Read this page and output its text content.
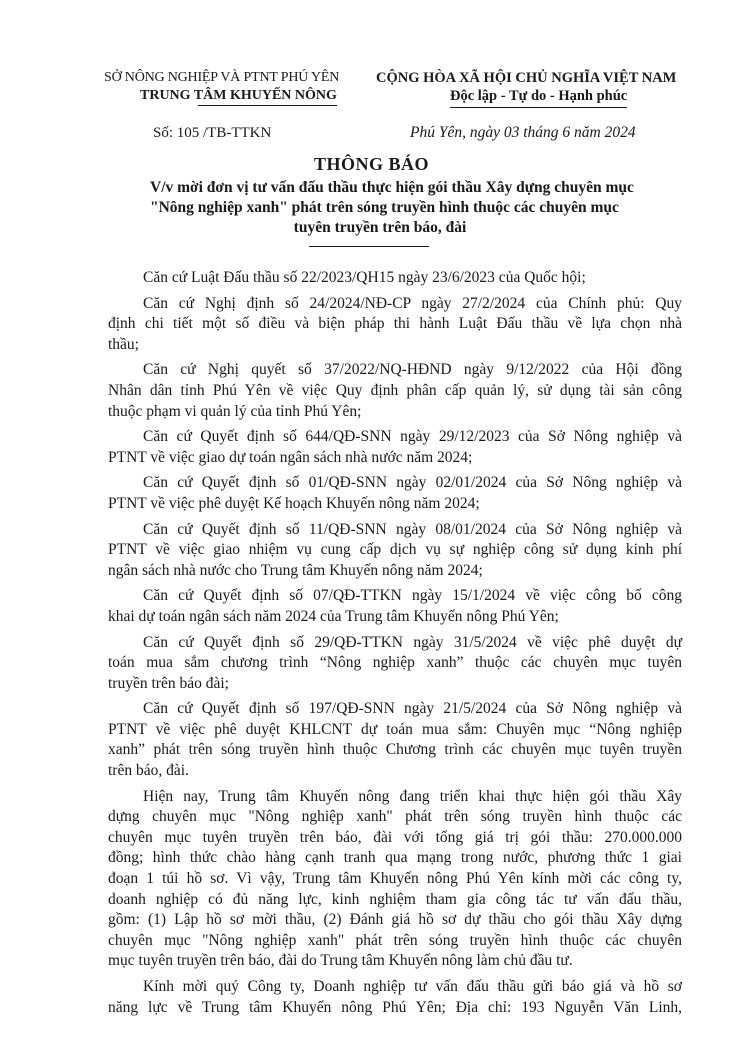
SỞ NÔNG NGHIỆP VÀ PTNT PHÚ YÊN
TRUNG TÂM KHUYẾN NÔNG
CỘNG HÒA XÃ HỘI CHỦ NGHĨA VIỆT NAM
Độc lập - Tự do - Hạnh phúc
Số: 105 /TB-TTKN	Phú Yên, ngày 03 tháng 6 năm 2024
THÔNG BÁO
V/v mời đơn vị tư vấn đấu thầu thực hiện gói thầu Xây dựng chuyên mục
"Nông nghiệp xanh" phát trên sóng truyền hình thuộc các chuyên mục
tuyên truyền trên báo, đài
Căn cứ Luật Đấu thầu số 22/2023/QH15 ngày 23/6/2023 của Quốc hội;
Căn cứ Nghị định số 24/2024/NĐ-CP ngày 27/2/2024 của Chính phủ: Quy
định chi tiết một số điều và biện pháp thi hành Luật Đấu thầu về lựa chọn nhà
thầu;
Căn cứ Nghị quyết số 37/2022/NQ-HĐND ngày 9/12/2022 của Hội đồng
Nhân dân tỉnh Phú Yên về việc Quy định phân cấp quản lý, sử dụng tài sản công
thuộc phạm vi quản lý của tỉnh Phú Yên;
Căn cứ Quyết định số 644/QĐ-SNN ngày 29/12/2023 của Sở Nông nghiệp và
PTNT về việc giao dự toán ngân sách nhà nước năm 2024;
Căn cứ Quyết định số 01/QĐ-SNN ngày 02/01/2024 của Sở Nông nghiệp và
PTNT về việc phê duyệt Kế hoạch Khuyến nông năm 2024;
Căn cứ Quyết định số 11/QĐ-SNN ngày 08/01/2024 của Sở Nông nghiệp và
PTNT về việc giao nhiệm vụ cung cấp dịch vụ sự nghiệp công sử dụng kinh phí
ngân sách nhà nước cho Trung tâm Khuyến nông năm 2024;
Căn cứ Quyết định số 07/QĐ-TTKN ngày 15/1/2024 về việc công bố công
khai dự toán ngân sách năm 2024 của Trung tâm Khuyến nông Phú Yên;
Căn cứ Quyết định số 29/QĐ-TTKN ngày 31/5/2024 về việc phê duyệt dự
toán mua sắm chương trình “Nông nghiệp xanh” thuộc các chuyên mục tuyên
truyền trên báo đài;
Căn cứ Quyết định số 197/QĐ-SNN ngày 21/5/2024 của Sở Nông nghiệp và
PTNT về việc phê duyệt KHLCNT dự toán mua sắm: Chuyên mục “Nông nghiệp
xanh” phát trên sóng truyền hình thuộc Chương trình các chuyên mục tuyên truyền
trên báo, đài.
Hiện nay, Trung tâm Khuyến nông đang triển khai thực hiện gói thầu Xây
dựng chuyên mục "Nông nghiệp xanh" phát trên sóng truyền hình thuộc các
chuyên mục tuyên truyền trên báo, đài với tổng giá trị gói thầu: 270.000.000
đồng; hình thức chào hàng cạnh tranh qua mạng trong nước, phương thức 1 giai
đoạn 1 túi hồ sơ. Vì vậy, Trung tâm Khuyến nông Phú Yên kính mời các công ty,
doanh nghiệp có đủ năng lực, kinh nghiệm tham gia công tác tư vấn đấu thầu,
gồm: (1) Lập hồ sơ mời thầu, (2) Đánh giá hồ sơ dự thầu cho gói thầu Xây dựng
chuyên mục "Nông nghiệp xanh" phát trên sóng truyền hình thuộc các chuyên
mục tuyên truyền trên báo, đài do Trung tâm Khuyến nông làm chủ đầu tư.
Kính mời quý Công ty, Doanh nghiệp tư vấn đấu thầu gửi báo giá và hồ sơ
năng lực về Trung tâm Khuyến nông Phú Yên; Địa chỉ: 193 Nguyễn Văn Linh,
